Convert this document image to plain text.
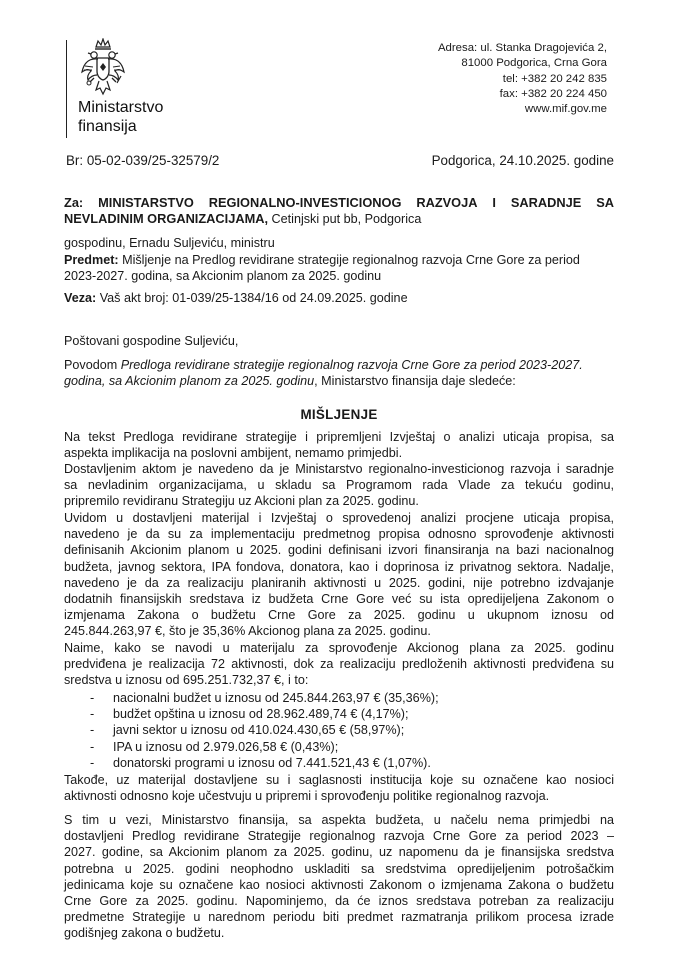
Ministarstvo
finansija
Adresa: ul. Stanka Dragojevića 2,
81000 Podgorica, Crna Gora
tel: +382 20 242 835
fax: +382 20 224 450
www.mif.gov.me
Br: 05-02-039/25-32579/2	Podgorica, 24.10.2025. godine
Za: MINISTARSTVO REGIONALNO-INVESTICIONOG RAZVOJA I SARADNJE SA
NEVLADINIM ORGANIZACIJAMA, Cetinjski put bb, Podgorica
gospodinu, Ernadu Suljeviću, ministru
Predmet: Mišljenje na Predlog revidirane strategije regionalnog razvoja Crne Gore za period
2023-2027. godina, sa Akcionim planom za 2025. godinu
Veza: Vaš akt broj: 01-039/25-1384/16 od 24.09.2025. godine
Poštovani gospodine Suljeviću,
Povodom Predloga revidirane strategije regionalnog razvoja Crne Gore za period 2023-2027.
godina, sa Akcionim planom za 2025. godinu, Ministarstvo finansija daje sledeće:
MIŠLJENJE
Na tekst Predloga revidirane strategije i pripremljeni Izvještaj o analizi uticaja propisa, sa
aspekta implikacija na poslovni ambijent, nemamo primjedbi.
Dostavljenim aktom je navedeno da je Ministarstvo regionalno-investicionog razvoja i saradnje
sa nevladinim organizacijama, u skladu sa Programom rada Vlade za tekuću godinu,
pripremilo revidiranu Strategiju uz Akcioni plan za 2025. godinu.
Uvidom u dostavljeni materijal i Izvještaj o sprovedenoj analizi procjene uticaja propisa,
navedeno je da su za implementaciju predmetnog propisa odnosno sprovođenje aktivnosti
definisanih Akcionim planom u 2025. godini definisani izvori finansiranja na bazi nacionalnog
budžeta, javnog sektora, IPA fondova, donatora, kao i doprinosa iz privatnog sektora. Nadalje,
navedeno je da za realizaciju planiranih aktivnosti u 2025. godini, nije potrebno izdvajanje
dodatnih finansijskih sredstava iz budžeta Crne Gore već su ista opredijeljena Zakonom o
izmjenama Zakona o budžetu Crne Gore za 2025. godinu u ukupnom iznosu od
245.844.263,97 €, što je 35,36% Akcionog plana za 2025. godinu.
Naime, kako se navodi u materijalu za sprovođenje Akcionog plana za 2025. godinu
predviđena je realizacija 72 aktivnosti, dok za realizaciju predloženih aktivnosti predviđena su
sredstva u iznosu od 695.251.732,37 €, i to:
- nacionalni budžet u iznosu od 245.844.263,97 € (35,36%);
- budžet opština u iznosu od 28.962.489,74 € (4,17%);
- javni sektor u iznosu od 410.024.430,65 € (58,97%);
- IPA u iznosu od 2.979.026,58 € (0,43%);
- donatorski programi u iznosu od 7.441.521,43 € (1,07%).
Takođe, uz materijal dostavljene su i saglasnosti institucija koje su označene kao nosioci
aktivnosti odnosno koje učestvuju u pripremi i sprovođenju politike regionalnog razvoja.
S tim u vezi, Ministarstvo finansija, sa aspekta budžeta, u načelu nema primjedbi na
dostavljeni Predlog revidirane Strategije regionalnog razvoja Crne Gore za period 2023 –
2027. godine, sa Akcionim planom za 2025. godinu, uz napomenu da je finansijska sredstva
potrebna u 2025. godini neophodno uskladiti sa sredstvima opredijeljenim potrošačkim
jedinicama koje su označene kao nosioci aktivnosti Zakonom o izmjenama Zakona o budžetu
Crne Gore za 2025. godinu. Napominjemo, da će iznos sredstava potreban za realizaciju
predmetne Strategije u narednom periodu biti predmet razmatranja prilikom procesa izrade
godišnjeg zakona o budžetu.
